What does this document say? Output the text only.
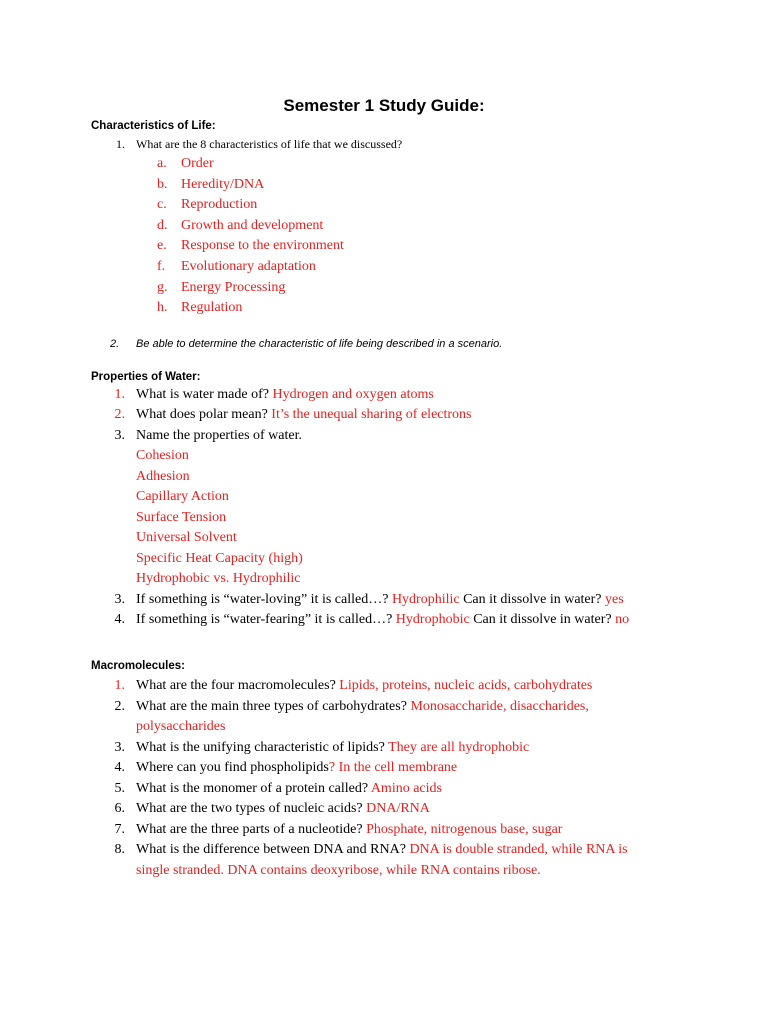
Semester 1 Study Guide:
Characteristics of Life:
1. What are the 8 characteristics of life that we discussed?
a. Order
b. Heredity/DNA
c. Reproduction
d. Growth and development
e. Response to the environment
f. Evolutionary adaptation
g. Energy Processing
h. Regulation
2. Be able to determine the characteristic of life being described in a scenario.
Properties of Water:
1. What is water made of? Hydrogen and oxygen atoms
2. What does polar mean? It’s the unequal sharing of electrons
3. Name the properties of water.
Cohesion
Adhesion
Capillary Action
Surface Tension
Universal Solvent
Specific Heat Capacity (high)
Hydrophobic vs. Hydrophilic
3. If something is “water-loving” it is called…? Hydrophilic Can it dissolve in water? yes
4. If something is “water-fearing” it is called…? Hydrophobic Can it dissolve in water? no
Macromolecules:
1. What are the four macromolecules? Lipids, proteins, nucleic acids, carbohydrates
2. What are the main three types of carbohydrates? Monosaccharide, disaccharides,
polysaccharides
3. What is the unifying characteristic of lipids? They are all hydrophobic
4. Where can you find phospholipids? In the cell membrane
5. What is the monomer of a protein called? Amino acids
6. What are the two types of nucleic acids? DNA/RNA
7. What are the three parts of a nucleotide? Phosphate, nitrogenous base, sugar
8. What is the difference between DNA and RNA? DNA is double stranded, while RNA is
single stranded. DNA contains deoxyribose, while RNA contains ribose.
